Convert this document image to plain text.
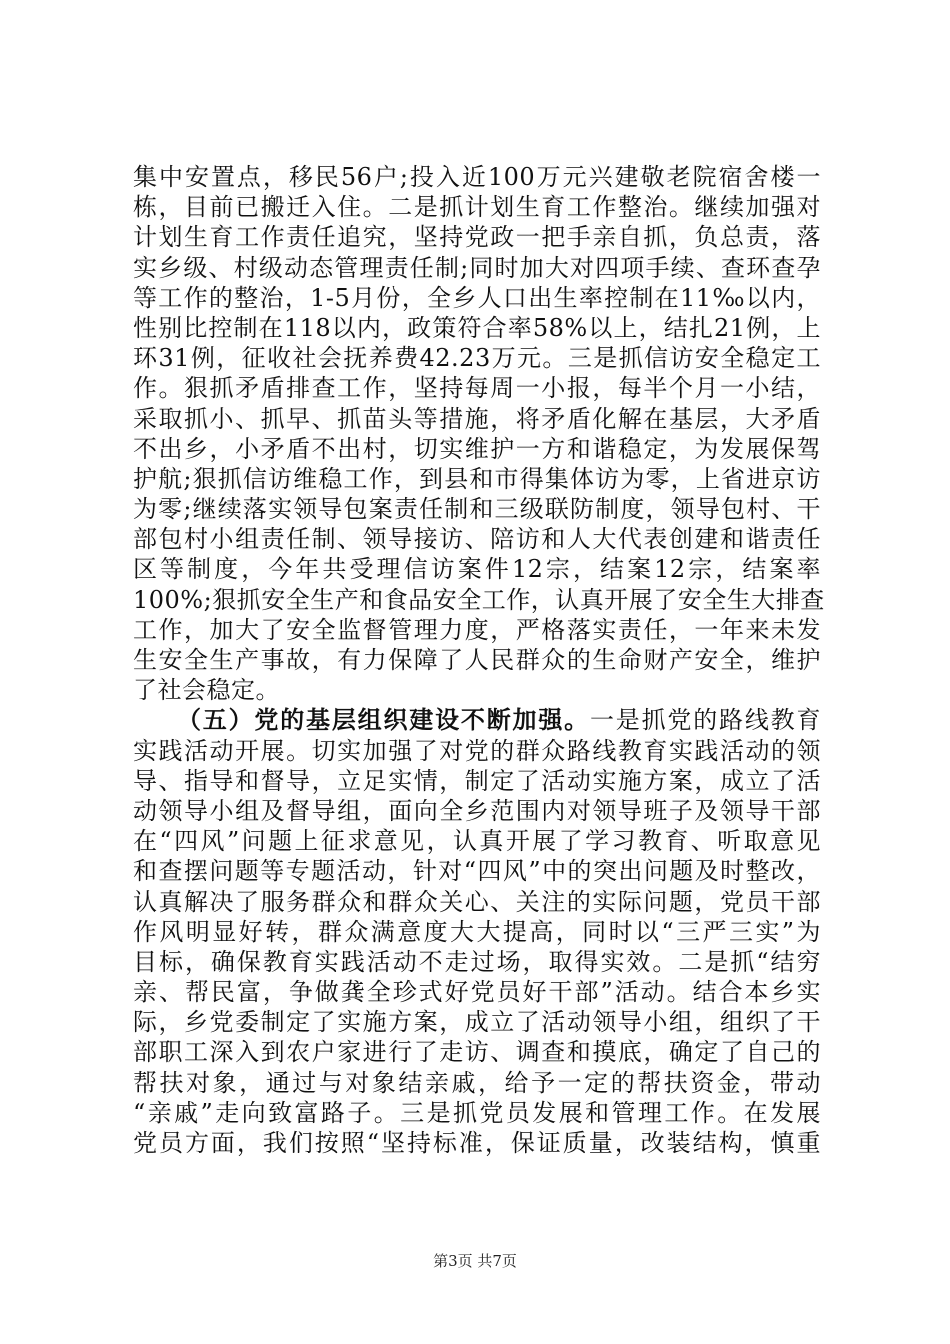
集中安置点，移民56户;投入近100万元兴建敬老院宿舍楼一
栋，目前已搬迁入住。二是抓计划生育工作整治。继续加强对
计划生育工作责任追究，坚持党政一把手亲自抓，负总责，落
实乡级、村级动态管理责任制;同时加大对四项手续、查环查孕
等工作的整治，1-5月份，全乡人口出生率控制在11‰以内，
性别比控制在118以内，政策符合率58%以上，结扎21例，上
环31例，征收社会抚养费42.23万元。三是抓信访安全稳定工
作。狠抓矛盾排查工作，坚持每周一小报，每半个月一小结，
采取抓小、抓早、抓苗头等措施，将矛盾化解在基层，大矛盾
不出乡，小矛盾不出村，切实维护一方和谐稳定，为发展保驾
护航;狠抓信访维稳工作，到县和市得集体访为零，上省进京访
为零;继续落实领导包案责任制和三级联防制度，领导包村、干
部包村小组责任制、领导接访、陪访和人大代表创建和谐责任
区等制度，今年共受理信访案件12宗，结案12宗，结案率
100%;狠抓安全生产和食品安全工作，认真开展了安全生大排查
工作，加大了安全监督管理力度，严格落实责任，一年来未发
生安全生产事故，有力保障了人民群众的生命财产安全，维护
了社会稳定。
（五）党的基层组织建设不断加强。一是抓党的路线教育
实践活动开展。切实加强了对党的群众路线教育实践活动的领
导、指导和督导，立足实情，制定了活动实施方案，成立了活
动领导小组及督导组，面向全乡范围内对领导班子及领导干部
在“四风”问题上征求意见，认真开展了学习教育、听取意见
和查摆问题等专题活动，针对“四风”中的突出问题及时整改，
认真解决了服务群众和群众关心、关注的实际问题，党员干部
作风明显好转，群众满意度大大提高，同时以“三严三实”为
目标，确保教育实践活动不走过场，取得实效。二是抓“结穷
亲、帮民富，争做龚全珍式好党员好干部”活动。结合本乡实
际，乡党委制定了实施方案，成立了活动领导小组，组织了干
部职工深入到农户家进行了走访、调查和摸底，确定了自己的
帮扶对象，通过与对象结亲戚，给予一定的帮扶资金，带动
“亲戚”走向致富路子。三是抓党员发展和管理工作。在发展
党员方面，我们按照“坚持标准，保证质量，改装结构，慎重
第3页 共7页
